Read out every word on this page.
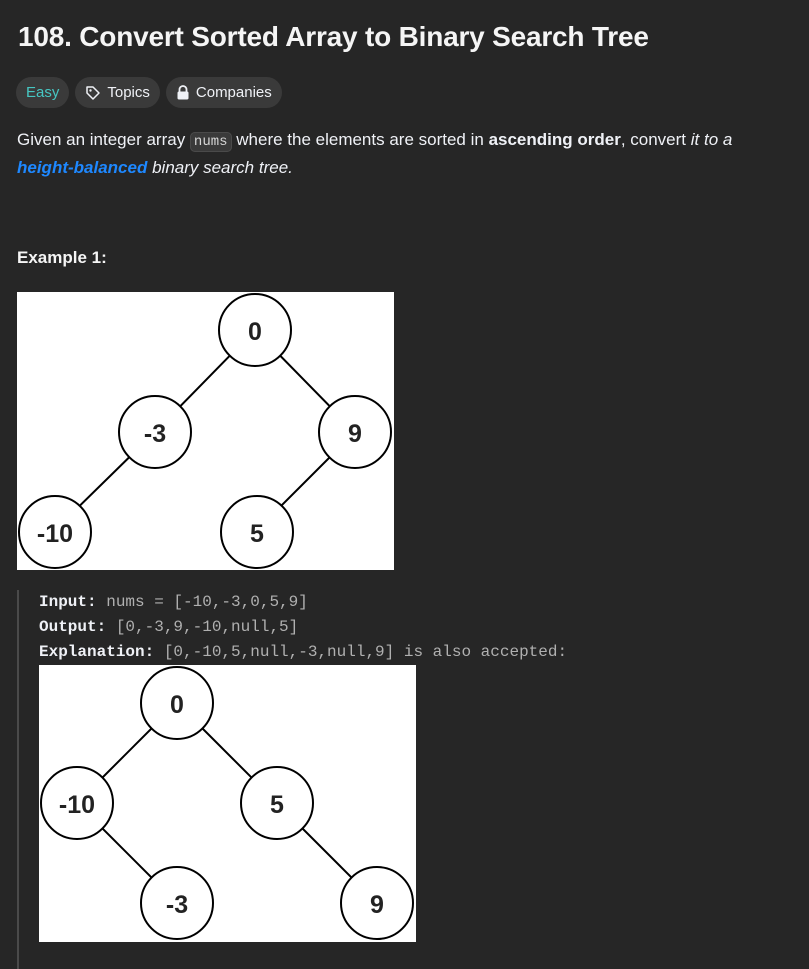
108. Convert Sorted Array to Binary Search Tree
Easy	Topics	Companies

Given an integer array nums where the elements are sorted in ascending order, convert it to a
height-balanced binary search tree.

Example 1:

0
-3	9
-10	5
Input: nums = [-10,-3,0,5,9]
Output: [0,-3,9,-10,null,5]
Explanation: [0,-10,5,null,-3,null,9] is also accepted:
0
-10	5
-3	9
